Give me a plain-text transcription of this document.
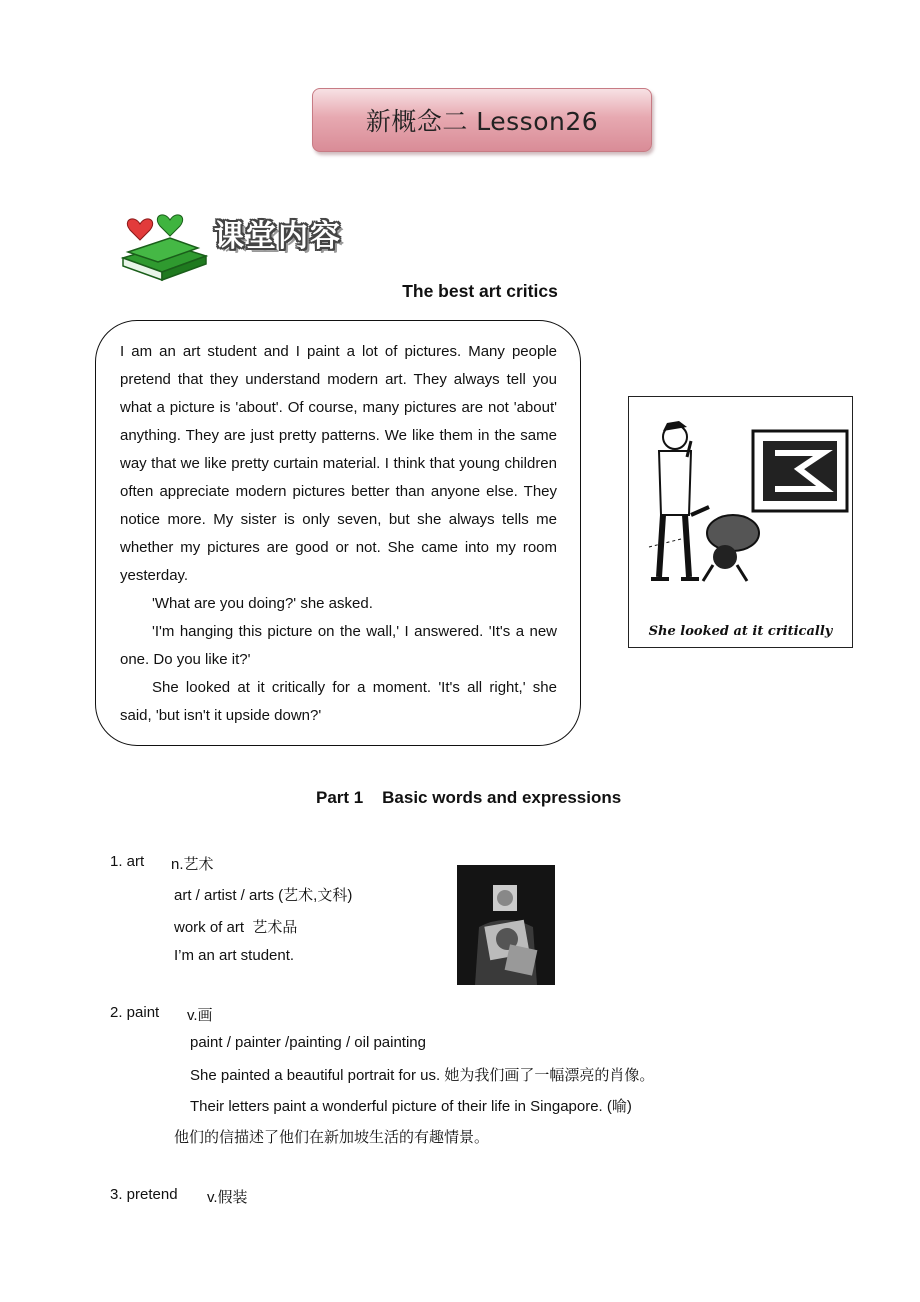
新概念二 Lesson26
课堂内容
The best art critics

I am an art student and I paint a lot of pictures. Many people pretend that they understand modern art. They always tell you what a picture is 'about'. Of course, many pictures are not 'about' anything. They are just pretty patterns. We like them in the same way that we like pretty curtain material. I think that young children often appreciate modern pictures better than anyone else. They notice more. My sister is only seven, but she always tells me whether my pictures are good or not. She came into my room yesterday.

'What are you doing?' she asked.

'I'm hanging this picture on the wall,' I answered. 'It's a new one. Do you like it?'

She looked at it critically for a moment. 'It's all right,' she said, 'but isn't it upside down?'

She looked at it critically
Part 1    Basic words and expressions
1. art n.艺术
art / artist / arts (艺术,文科)
work of art  艺术品
I’m an art student.
2. paint v.画
paint / painter /painting / oil painting
She painted a beautiful portrait for us. 她为我们画了一幅漂亮的肖像。
Their letters paint a wonderful picture of their life in Singapore. (喻)
他们的信描述了他们在新加坡生活的有趣情景。
3. pretend v.假装
